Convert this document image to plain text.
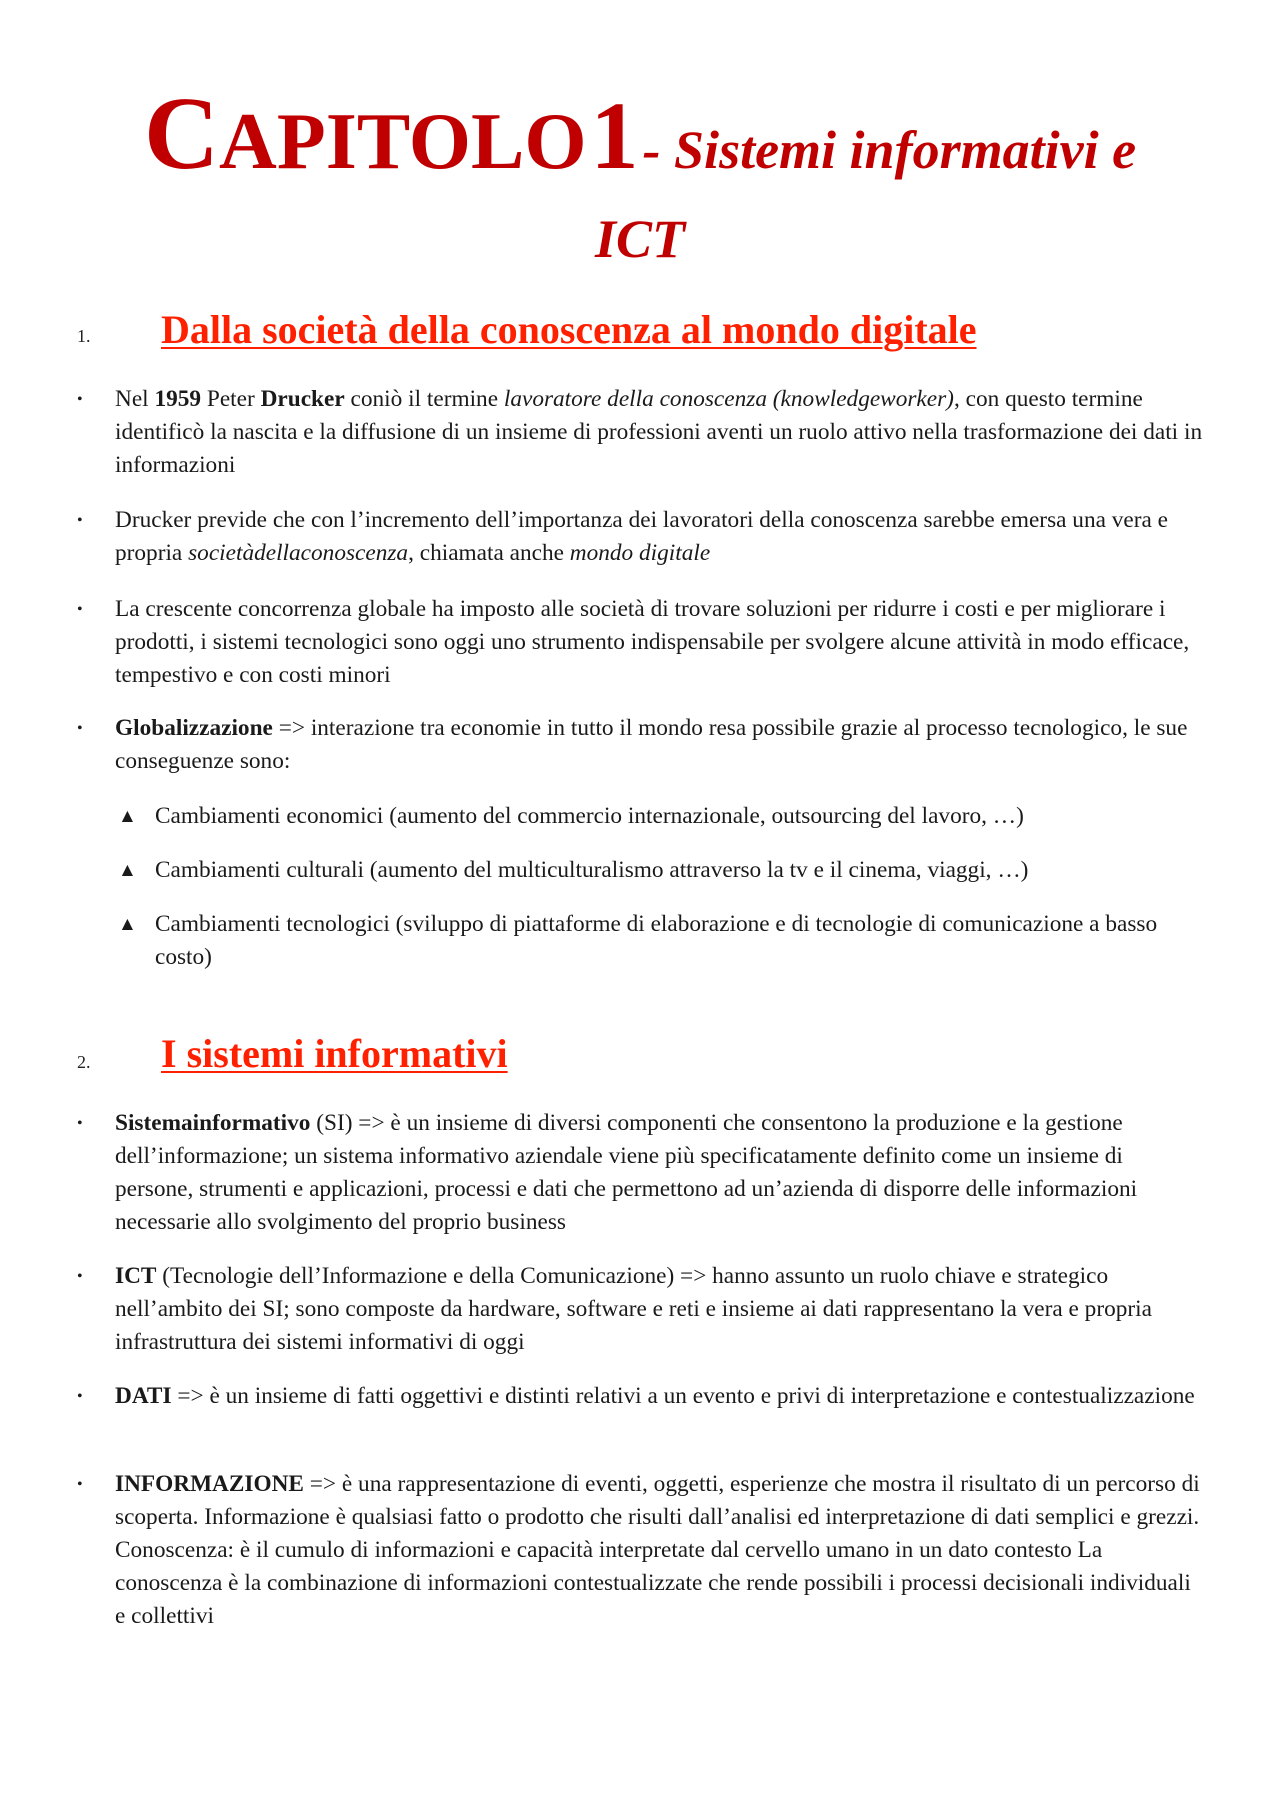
CAPITOLO 1 - Sistemi informativi e
ICT
1. Dalla società della conoscenza al mondo digitale
• Nel 1959 Peter Drucker coniò il termine lavoratore della conoscenza (knowledgeworker), con questo termine identificò la nascita e la diffusione di un insieme di professioni aventi un ruolo attivo nella trasformazione dei dati in informazioni
• Drucker previde che con l’incremento dell’importanza dei lavoratori della conoscenza sarebbe emersa una vera e propria societàdellaconoscenza, chiamata anche mondo digitale
• La crescente concorrenza globale ha imposto alle società di trovare soluzioni per ridurre i costi e per migliorare i prodotti, i sistemi tecnologici sono oggi uno strumento indispensabile per svolgere alcune attività in modo efficace, tempestivo e con costi minori
• Globalizzazione => interazione tra economie in tutto il mondo resa possibile grazie al processo tecnologico, le sue conseguenze sono:
▲ Cambiamenti economici (aumento del commercio internazionale, outsourcing del lavoro, …)
▲ Cambiamenti culturali (aumento del multiculturalismo attraverso la tv e il cinema, viaggi, …)
▲ Cambiamenti tecnologici (sviluppo di piattaforme di elaborazione e di tecnologie di comunicazione a basso costo)
2. I sistemi informativi
• Sistemainformativo (SI) => è un insieme di diversi componenti che consentono la produzione e la gestione dell’informazione; un sistema informativo aziendale viene più specificatamente definito come un insieme di persone, strumenti e applicazioni, processi e dati che permettono ad un’azienda di disporre delle informazioni necessarie allo svolgimento del proprio business
• ICT (Tecnologie dell’Informazione e della Comunicazione) => hanno assunto un ruolo chiave e strategico nell’ambito dei SI; sono composte da hardware, software e reti e insieme ai dati rappresentano la vera e propria infrastruttura dei sistemi informativi di oggi
• DATI => è un insieme di fatti oggettivi e distinti relativi a un evento e privi di interpretazione e contestualizzazione
• INFORMAZIONE => è una rappresentazione di eventi, oggetti, esperienze che mostra il risultato di un percorso di scoperta. Informazione è qualsiasi fatto o prodotto che risulti dall’analisi ed interpretazione di dati semplici e grezzi. Conoscenza: è il cumulo di informazioni e capacità interpretate dal cervello umano in un dato contesto La conoscenza è la combinazione di informazioni contestualizzate che rende possibili i processi decisionali individuali e collettivi
